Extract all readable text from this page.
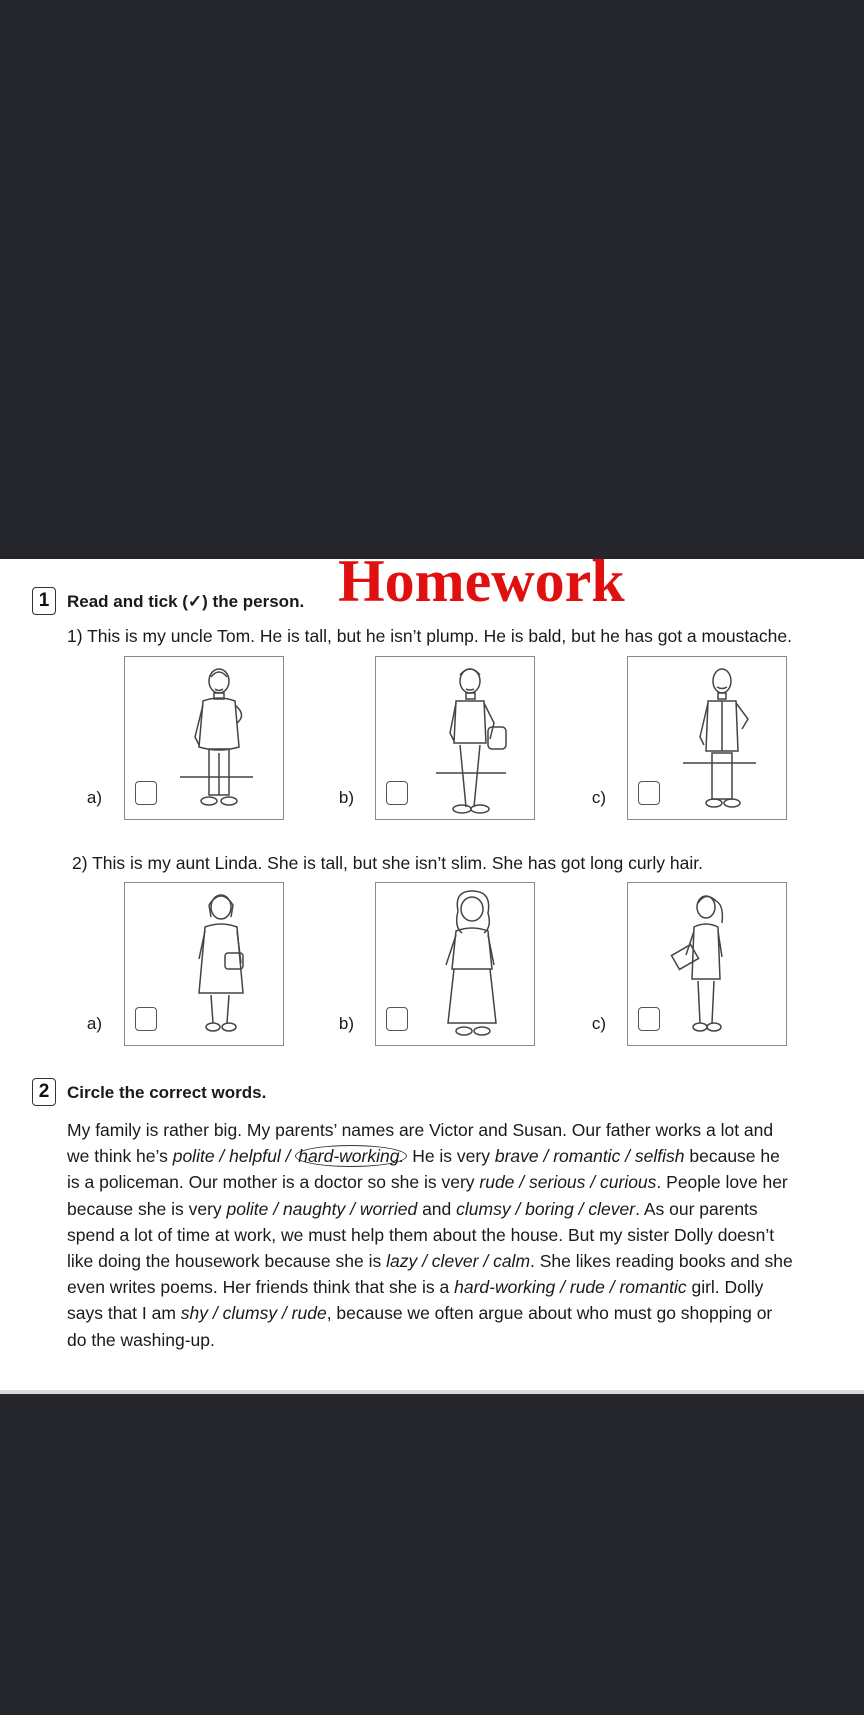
1	Read and tick (✓) the person. Homework
1) This is my uncle Tom. He is tall, but he isn’t plump. He is bald, but he has got a moustache.
a)	b)	c)
2) This is my aunt Linda. She is tall, but she isn’t slim. She has got long curly hair.
a)	b)	c)
2	Circle the correct words.
My family is rather big. My parents’ names are Victor and Susan. Our father works a lot and
we think he’s polite / helpful / hard-working. He is very brave / romantic / selfish because he
is a policeman. Our mother is a doctor so she is very rude / serious / curious. People love her
because she is very polite / naughty / worried and clumsy / boring / clever. As our parents
spend a lot of time at work, we must help them about the house. But my sister Dolly doesn’t
like doing the housework because she is lazy / clever / calm. She likes reading books and she
even writes poems. Her friends think that she is a hard-working / rude / romantic girl. Dolly
says that I am shy / clumsy / rude, because we often argue about who must go shopping or
do the washing-up.
